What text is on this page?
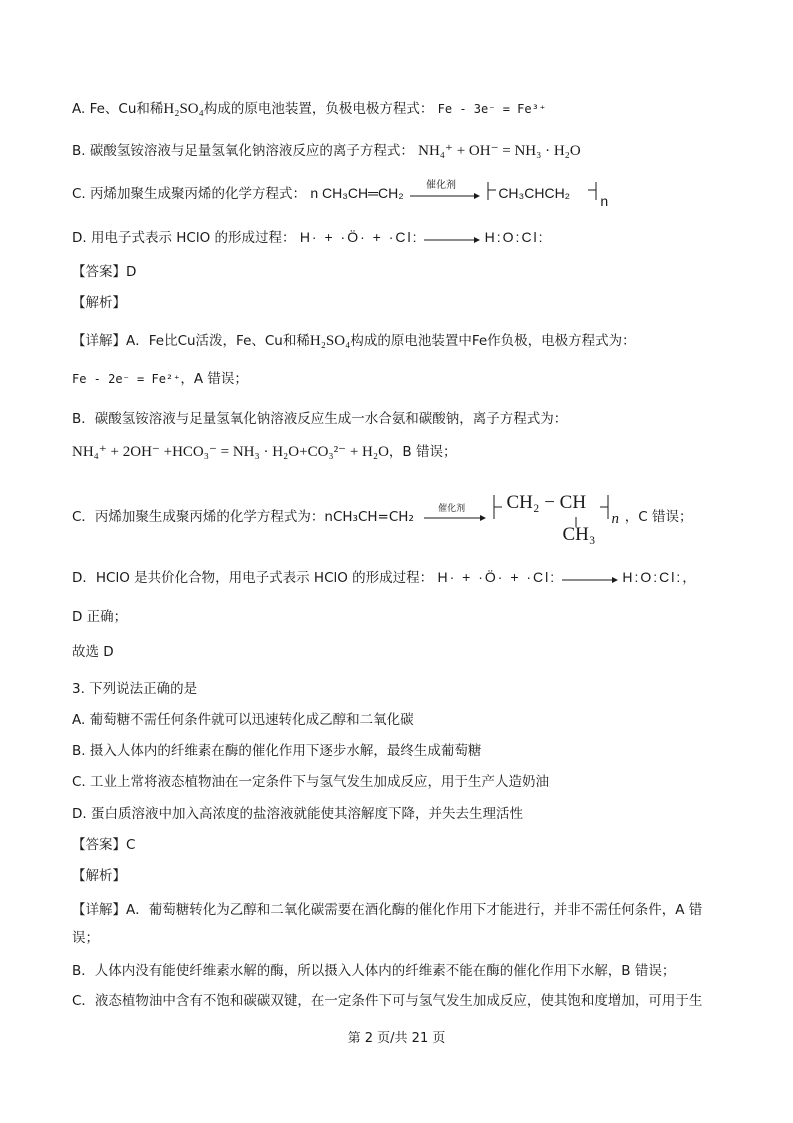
A. Fe、Cu和稀H₂SO₄构成的原电池装置，负极电极方程式： Fe - 3e⁻ = Fe³⁺
B. 碳酸氢铵溶液与足量氢氧化钠溶液反应的离子方程式： NH₄⁺ + OH⁻ = NH₃ · H₂O
C. 丙烯加聚生成聚丙烯的化学方程式： n CH₃CH═CH₂ 催化剂
	CH₃CHCH₂ n
D. 用电子式表示 HClO 的形成过程： H· + ·Ö· + ·Cl:	H:O:Cl:
【答案】D
【解析】
【详解】A．Fe比Cu活泼，Fe、Cu和稀H₂SO₄构成的原电池装置中Fe作负极，电极方程式为：
Fe - 2e⁻ = Fe²⁺，A 错误；
B．碳酸氢铵溶液与足量氢氧化钠溶液反应生成一水合氨和碳酸钠，离子方程式为：
NH₄⁺ + 2OH⁻ +HCO₃⁻ = NH₃ · H₂O+CO₃²⁻ + H₂O，B 错误；
C．丙烯加聚生成聚丙烯的化学方程式为：nCH₃CH=CH₂	催化剂
CH₂ − CH
CH₃
n ，C 错误；
D．HClO 是共价化合物，用电子式表示 HClO 的形成过程： H· + ·Ö· + ·Cl:	H:O:Cl:，
D 正确；
故选 D
3. 下列说法正确的是
A. 葡萄糖不需任何条件就可以迅速转化成乙醇和二氧化碳
B. 摄入人体内的纤维素在酶的催化作用下逐步水解，最终生成葡萄糖
C. 工业上常将液态植物油在一定条件下与氢气发生加成反应，用于生产人造奶油
D. 蛋白质溶液中加入高浓度的盐溶液就能使其溶解度下降，并失去生理活性
【答案】C
【解析】
【详解】A．葡萄糖转化为乙醇和二氧化碳需要在酒化酶的催化作用下才能进行，并非不需任何条件，A 错
误；
B．人体内没有能使纤维素水解的酶，所以摄入人体内的纤维素不能在酶的催化作用下水解，B 错误；
C．液态植物油中含有不饱和碳碳双键，在一定条件下可与氢气发生加成反应，使其饱和度增加，可用于生
第 2 页/共 21 页
